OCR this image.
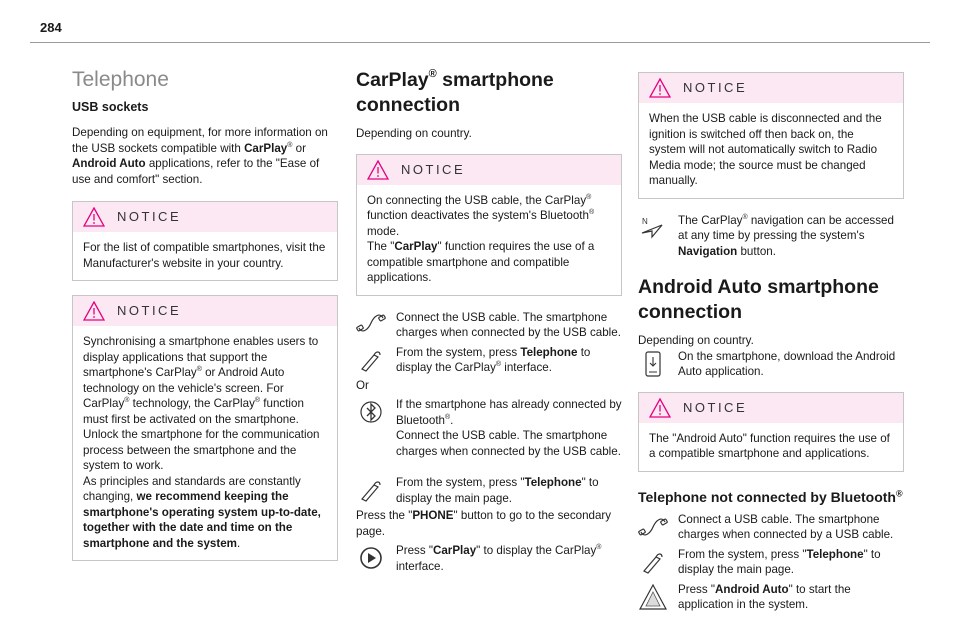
284
Telephone
USB sockets

Depending on equipment, for more information on the USB sockets compatible with CarPlay® or Android Auto applications, refer to the "Ease of use and comfort" section.

NOTICE

For the list of compatible smartphones, visit the Manufacturer's website in your country.

NOTICE

Synchronising a smartphone enables users to display applications that support the smartphone's CarPlay® or Android Auto technology on the vehicle's screen. For CarPlay® technology, the CarPlay® function must first be activated on the smartphone.

Unlock the smartphone for the communication process between the smartphone and the system to work.

As principles and standards are constantly changing, we recommend keeping the smartphone's operating system up-to-date, together with the date and time on the smartphone and the system.

CarPlay® smartphone connection

Depending on country.

NOTICE

On connecting the USB cable, the CarPlay® function deactivates the system's Bluetooth® mode.

The "CarPlay" function requires the use of a compatible smartphone and compatible applications.

Connect the USB cable. The smartphone charges when connected by the USB cable.

From the system, press Telephone to display the CarPlay® interface.

Or

If the smartphone has already connected by Bluetooth®.
Connect the USB cable. The smartphone charges when connected by the USB cable.

From the system, press "Telephone" to display the main page.

Press the "PHONE" button to go to the secondary page.

Press "CarPlay" to display the CarPlay® interface.

NOTICE

When the USB cable is disconnected and the ignition is switched off then back on, the system will not automatically switch to Radio Media mode; the source must be changed manually.

N	The CarPlay® navigation can be accessed at any time by pressing the system's Navigation button.

Android Auto smartphone connection

Depending on country.

On the smartphone, download the Android Auto application.

NOTICE

The "Android Auto" function requires the use of a compatible smartphone and applications.

Telephone not connected by Bluetooth®

Connect a USB cable. The smartphone charges when connected by a USB cable.

From the system, press "Telephone" to display the main page.

Press "Android Auto" to start the application in the system.
